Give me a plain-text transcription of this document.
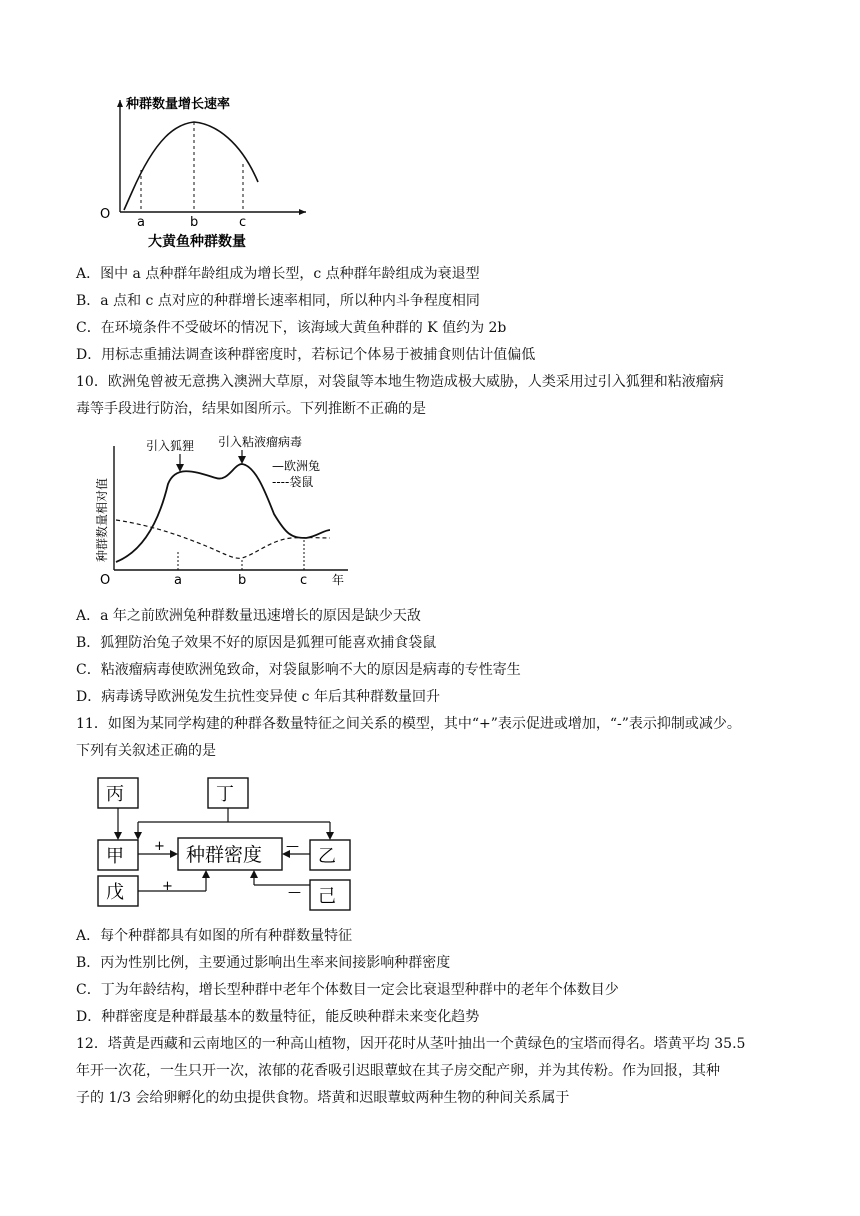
种群数量增长速率
O
a	b	c
大黄鱼种群数量
A．图中 a 点种群年龄组成为增长型，c 点种群年龄组成为衰退型
B．a 点和 c 点对应的种群增长速率相同，所以种内斗争程度相同
C．在环境条件不受破坏的情况下，该海域大黄鱼种群的 K 值约为 2b
D．用标志重捕法调查该种群密度时，若标记个体易于被捕食则估计值偏低
10．欧洲兔曾被无意携入澳洲大草原，对袋鼠等本地生物造成极大威胁，人类采用过引入狐狸和粘液瘤病
毒等手段进行防治，结果如图所示。下列推断不正确的是
引入狐狸 引入粘液瘤病毒
—欧洲兔
----袋鼠
种群数量相对值
O	a	b	c 年
A．a 年之前欧洲兔种群数量迅速增长的原因是缺少天敌
B．狐狸防治兔子效果不好的原因是狐狸可能喜欢捕食袋鼠
C．粘液瘤病毒使欧洲兔致命，对袋鼠影响不大的原因是病毒的专性寄生
D．病毒诱导欧洲兔发生抗性变异使 c 年后其种群数量回升
11．如图为某同学构建的种群各数量特征之间关系的模型，其中“+”表示促进或增加，“-”表示抑制或减少。
下列有关叙述正确的是
丙	丁
甲	种群密度	乙
戊	己
+
+
—
—
A．每个种群都具有如图的所有种群数量特征
B．丙为性别比例，主要通过影响出生率来间接影响种群密度
C．丁为年龄结构，增长型种群中老年个体数目一定会比衰退型种群中的老年个体数目少
D．种群密度是种群最基本的数量特征，能反映种群未来变化趋势
12．塔黄是西藏和云南地区的一种高山植物，因开花时从茎叶抽出一个黄绿色的宝塔而得名。塔黄平均 35.5
年开一次花，一生只开一次，浓郁的花香吸引迟眼蕈蚊在其子房交配产卵，并为其传粉。作为回报，其种
子的 1/3 会给卵孵化的幼虫提供食物。塔黄和迟眼蕈蚊两种生物的种间关系属于
